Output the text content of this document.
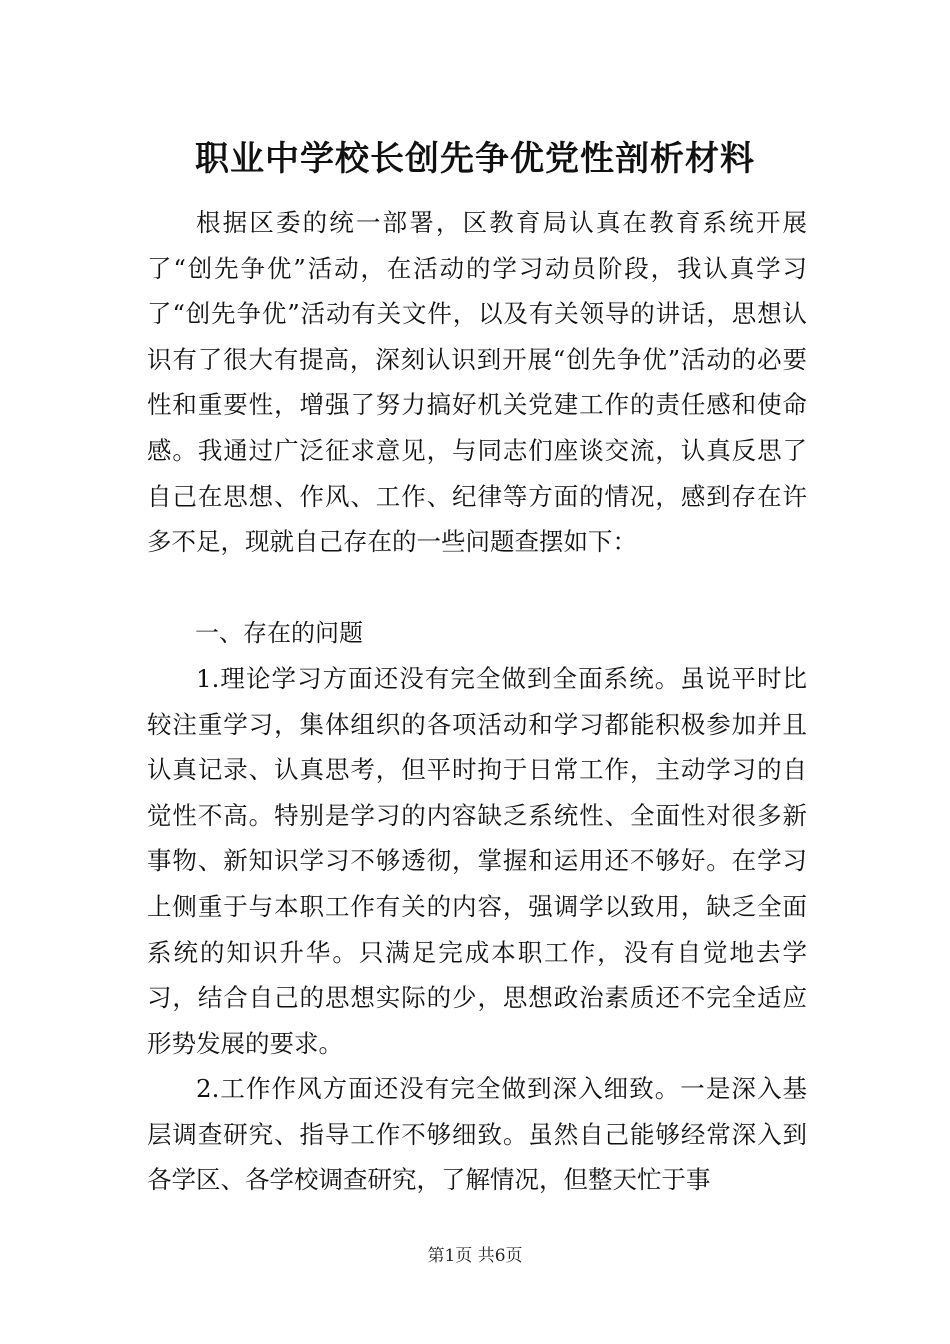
职业中学校长创先争优党性剖析材料

根据区委的统一部署，区教育局认真在教育系统开展了“创先争优”活动，在活动的学习动员阶段，我认真学习了“创先争优”活动有关文件，以及有关领导的讲话，思想认识有了很大有提高，深刻认识到开展“创先争优”活动的必要性和重要性，增强了努力搞好机关党建工作的责任感和使命感。我通过广泛征求意见，与同志们座谈交流，认真反思了自己在思想、作风、工作、纪律等方面的情况，感到存在许多不足，现就自己存在的一些问题查摆如下：

一、存在的问题

1.理论学习方面还没有完全做到全面系统。虽说平时比较注重学习，集体组织的各项活动和学习都能积极参加并且认真记录、认真思考，但平时拘于日常工作，主动学习的自觉性不高。特别是学习的内容缺乏系统性、全面性对很多新事物、新知识学习不够透彻，掌握和运用还不够好。在学习上侧重于与本职工作有关的内容，强调学以致用，缺乏全面系统的知识升华。只满足完成本职工作，没有自觉地去学习，结合自己的思想实际的少，思想政治素质还不完全适应形势发展的要求。

2.工作作风方面还没有完全做到深入细致。一是深入基层调查研究、指导工作不够细致。虽然自己能够经常深入到各学区、各学校调查研究，了解情况，但整天忙于事

第1页 共6页
